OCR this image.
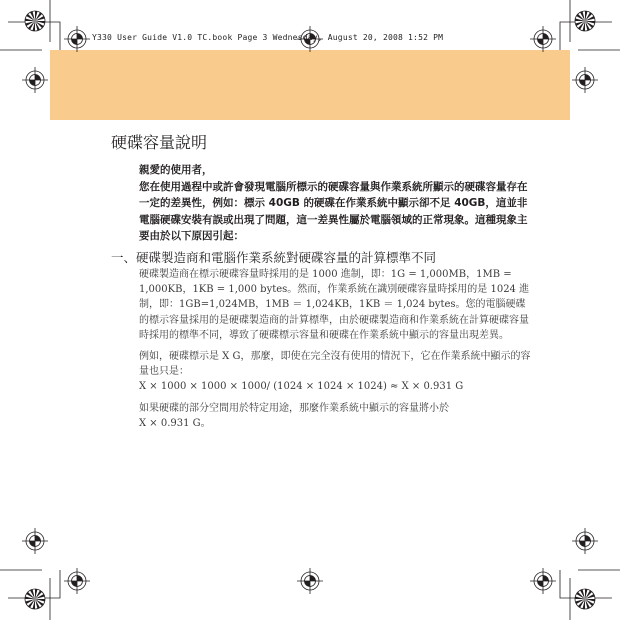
Y330 User Guide V1.0 TC.book Page 3 Wednesday, August 20, 2008 1:52 PM
硬碟容量說明

親愛的使用者，

您在使用過程中或許會發現電腦所標示的硬碟容量與作業系統所顯示的硬碟容量存在一定的差異性，例如：標示 40GB 的硬碟在作業系統中顯示卻不足 40GB，這並非電腦硬碟安裝有誤或出現了問題，這一差異性屬於電腦領域的正常現象。這種現象主要由於以下原因引起：

一、硬碟製造商和電腦作業系統對硬碟容量的計算標準不同

硬碟製造商在標示硬碟容量時採用的是 1000 進制，即：1G = 1,000MB，1MB = 1,000KB，1KB = 1,000 bytes。然而，作業系統在識別硬碟容量時採用的是 1024 進制，即：1GB=1,024MB，1MB ＝ 1,024KB，1KB ＝ 1,024 bytes。您的電腦硬碟的標示容量採用的是硬碟製造商的計算標準，由於硬碟製造商和作業系統在計算硬碟容量時採用的標準不同，導致了硬碟標示容量和硬碟在作業系統中顯示的容量出現差異。

例如，硬碟標示是 X G，那麼，即使在完全沒有使用的情況下，它在作業系統中顯示的容量也只是：
X × 1000 × 1000 × 1000/ (1024 × 1024 × 1024) ≈ X × 0.931 G

如果硬碟的部分空間用於特定用途，那麼作業系統中顯示的容量將小於
X × 0.931 G。
